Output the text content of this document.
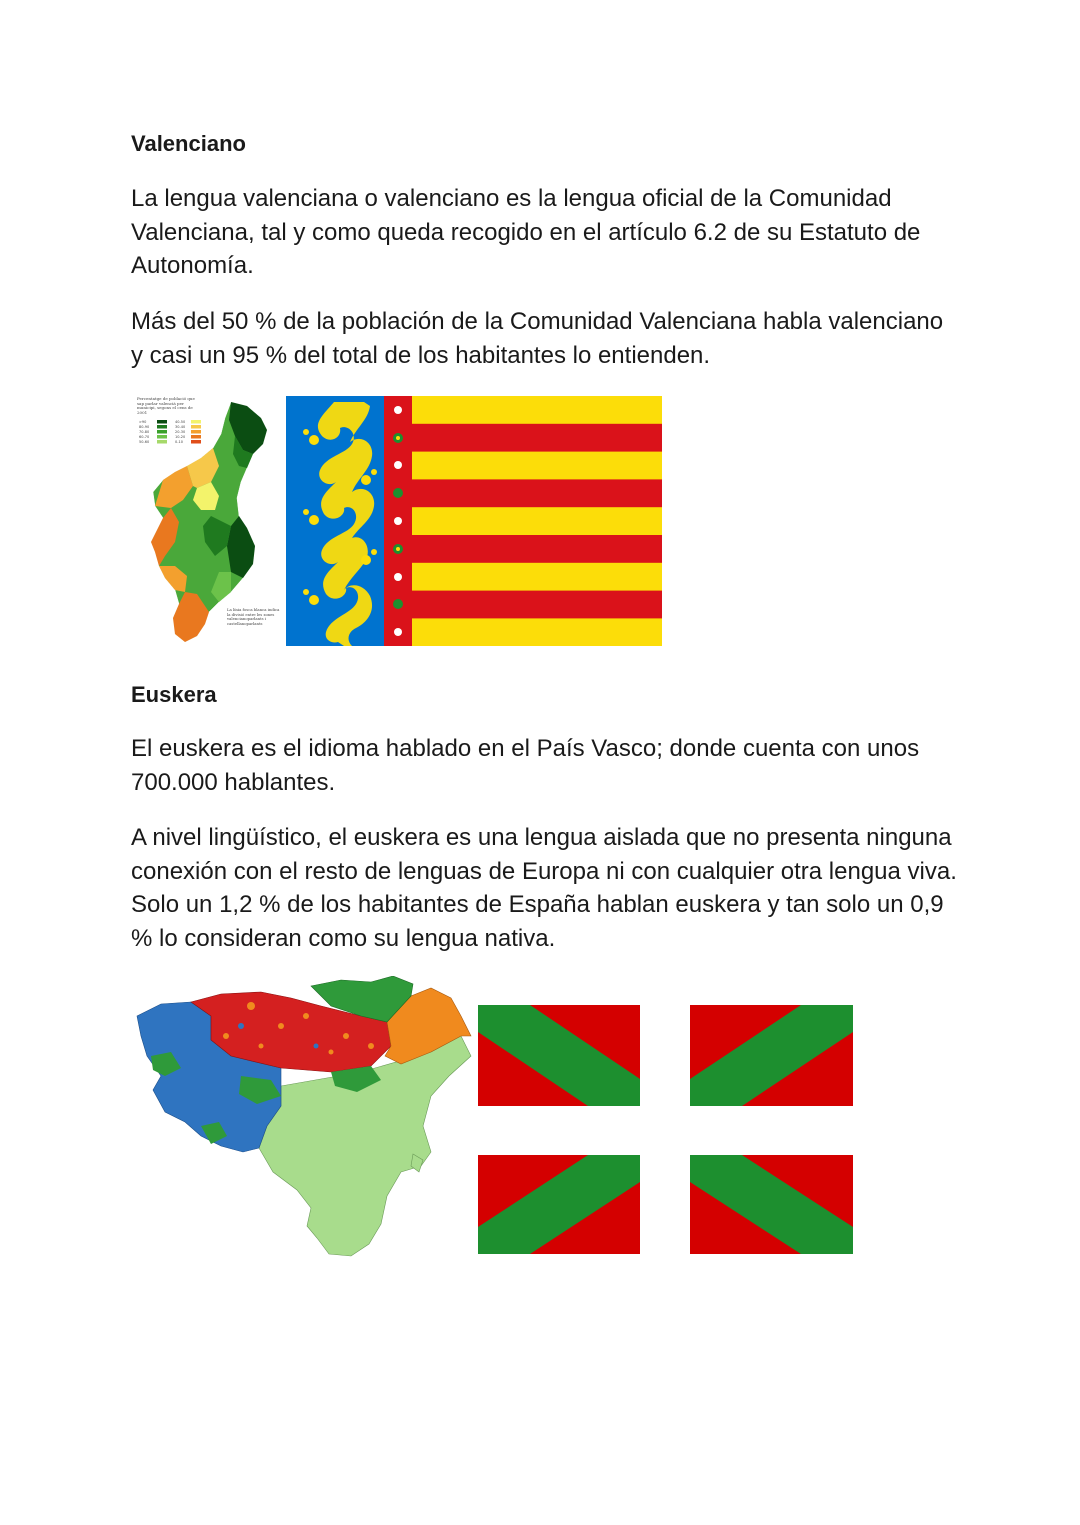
Valenciano

La lengua valenciana o valenciano es la lengua oficial de la Comunidad Valenciana, tal y como queda recogido en el artículo 6.2 de su Estatuto de Autonomía.

Más del 50 % de la población de la Comunidad Valenciana habla valenciano y casi un 95 % del total de los habitantes lo entienden.

Percentatge de població que sap parlar valencià per municipi, segons el cens de 2001
>90
80-90
70-80
60-70
50-60
40-50
30-40
20-30
10-20
0-10
La línia fosca blanca indica la divisió entre les zones valencianoparlants i castellanoparlants
Euskera

El euskera es el idioma hablado en el País Vasco; donde cuenta con unos 700.000 hablantes.

A nivel lingüístico, el euskera es una lengua aislada que no presenta ninguna conexión con el resto de lenguas de Europa ni con cualquier otra lengua viva. Solo un 1,2 % de los habitantes de España hablan euskera y tan solo un 0,9 % lo consideran como su lengua nativa.
